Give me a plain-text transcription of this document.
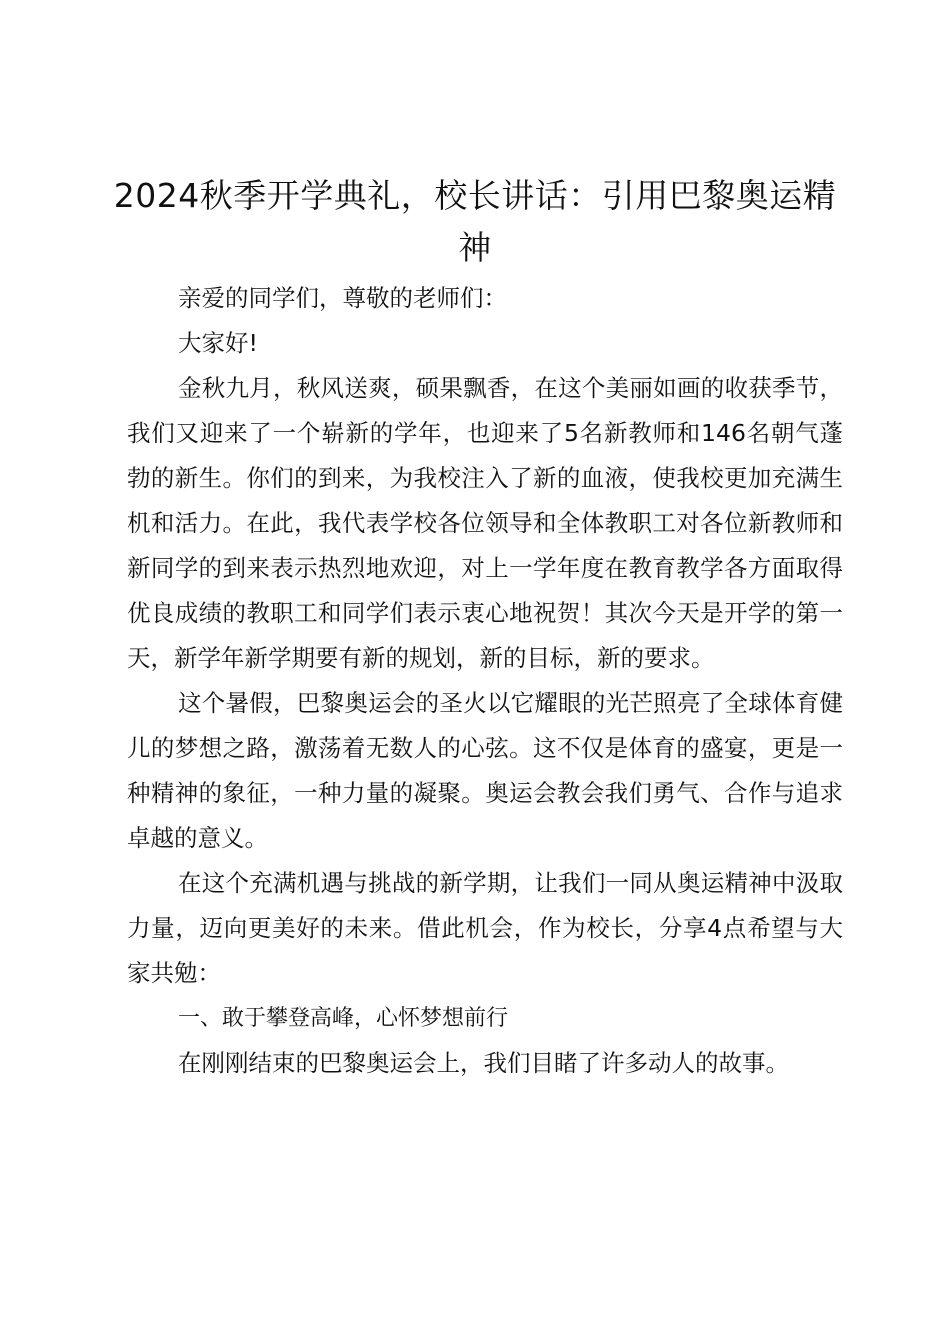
2024秋季开学典礼，校长讲话：引用巴黎奥运精神

亲爱的同学们，尊敬的老师们：

大家好!

金秋九月，秋风送爽，硕果飘香，在这个美丽如画的收获季节，我们又迎来了一个崭新的学年，也迎来了5名新教师和146名朝气蓬勃的新生。你们的到来，为我校注入了新的血液，使我校更加充满生机和活力。在此，我代表学校各位领导和全体教职工对各位新教师和新同学的到来表示热烈地欢迎，对上一学年度在教育教学各方面取得优良成绩的教职工和同学们表示衷心地祝贺！其次今天是开学的第一天，新学年新学期要有新的规划，新的目标，新的要求。

这个暑假，巴黎奥运会的圣火以它耀眼的光芒照亮了全球体育健儿的梦想之路，激荡着无数人的心弦。这不仅是体育的盛宴，更是一种精神的象征，一种力量的凝聚。奥运会教会我们勇气、合作与追求卓越的意义。

在这个充满机遇与挑战的新学期，让我们一同从奥运精神中汲取力量，迈向更美好的未来。借此机会，作为校长，分享4点希望与大家共勉：

一、敢于攀登高峰，心怀梦想前行

在刚刚结束的巴黎奥运会上，我们目睹了许多动人的故事。
